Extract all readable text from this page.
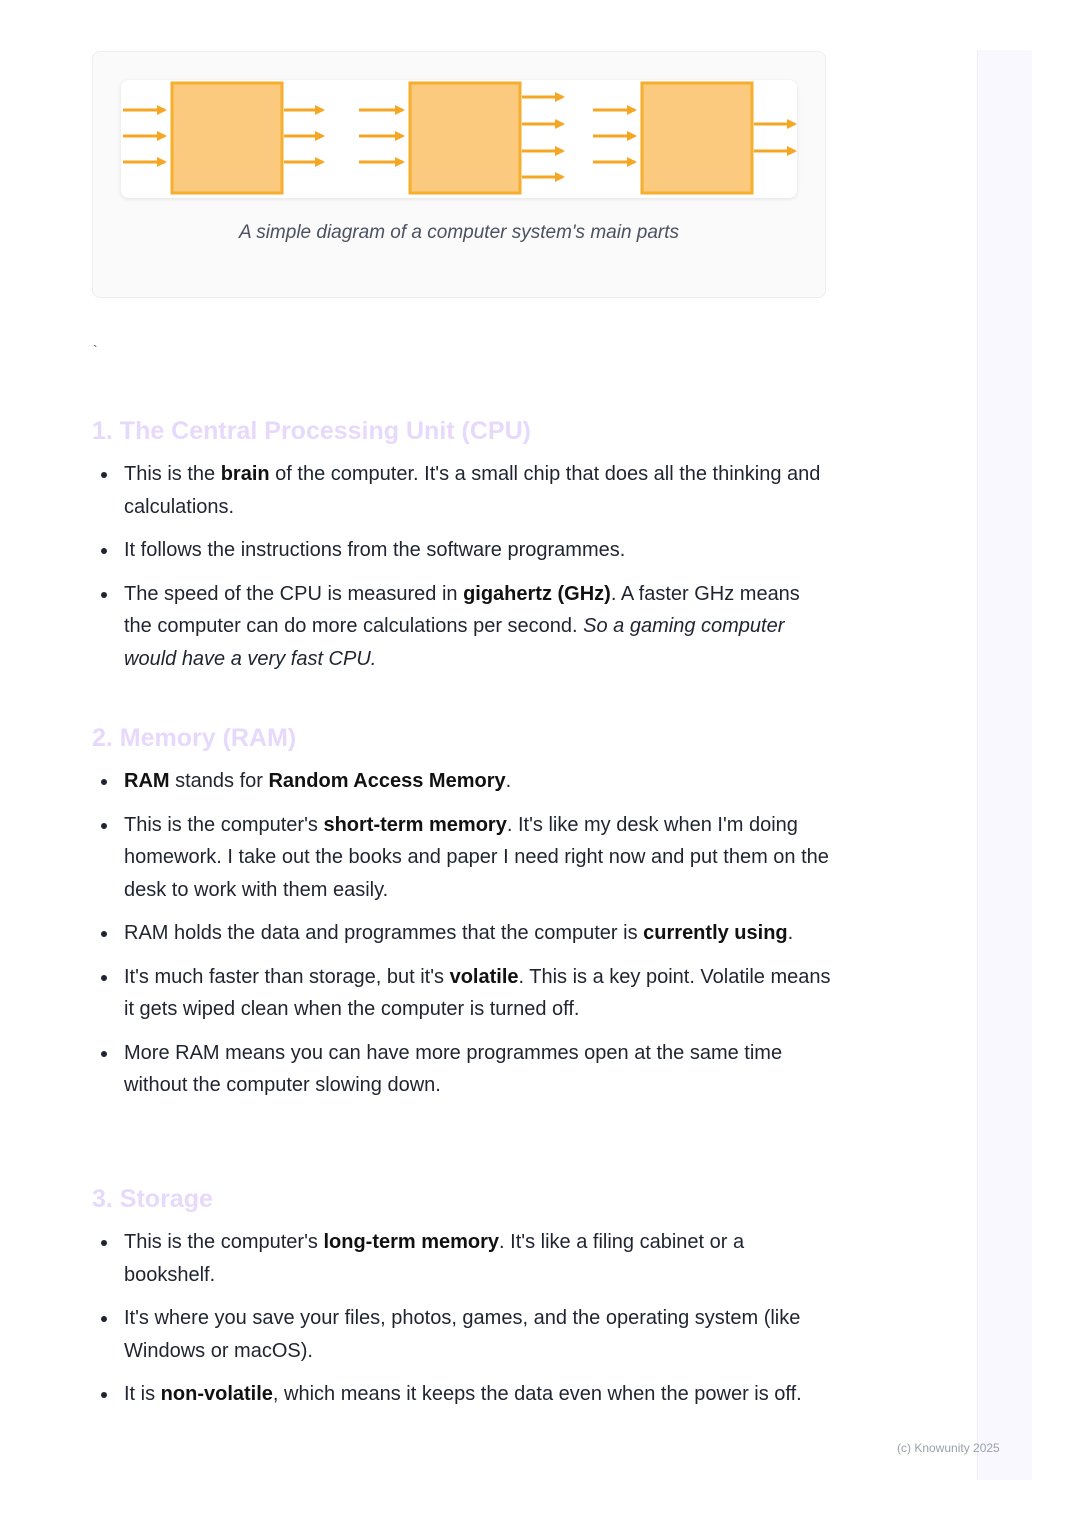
A simple diagram of a computer system's main parts
`
1. The Central Processing Unit (CPU)
This is the brain of the computer. It's a small chip that does all the thinking and calculations.
It follows the instructions from the software programmes.
The speed of the CPU is measured in gigahertz (GHz). A faster GHz means the computer can do more calculations per second. So a gaming computer would have a very fast CPU.
2. Memory (RAM)
RAM stands for Random Access Memory.
This is the computer's short-term memory. It's like my desk when I'm doing homework. I take out the books and paper I need right now and put them on the desk to work with them easily.
RAM holds the data and programmes that the computer is currently using.
It's much faster than storage, but it's volatile. This is a key point. Volatile means it gets wiped clean when the computer is turned off.
More RAM means you can have more programmes open at the same time without the computer slowing down.
3. Storage
This is the computer's long-term memory. It's like a filing cabinet or a bookshelf.
It's where you save your files, photos, games, and the operating system (like Windows or macOS).
It is non-volatile, which means it keeps the data even when the power is off.
(c) Knowunity 2025
